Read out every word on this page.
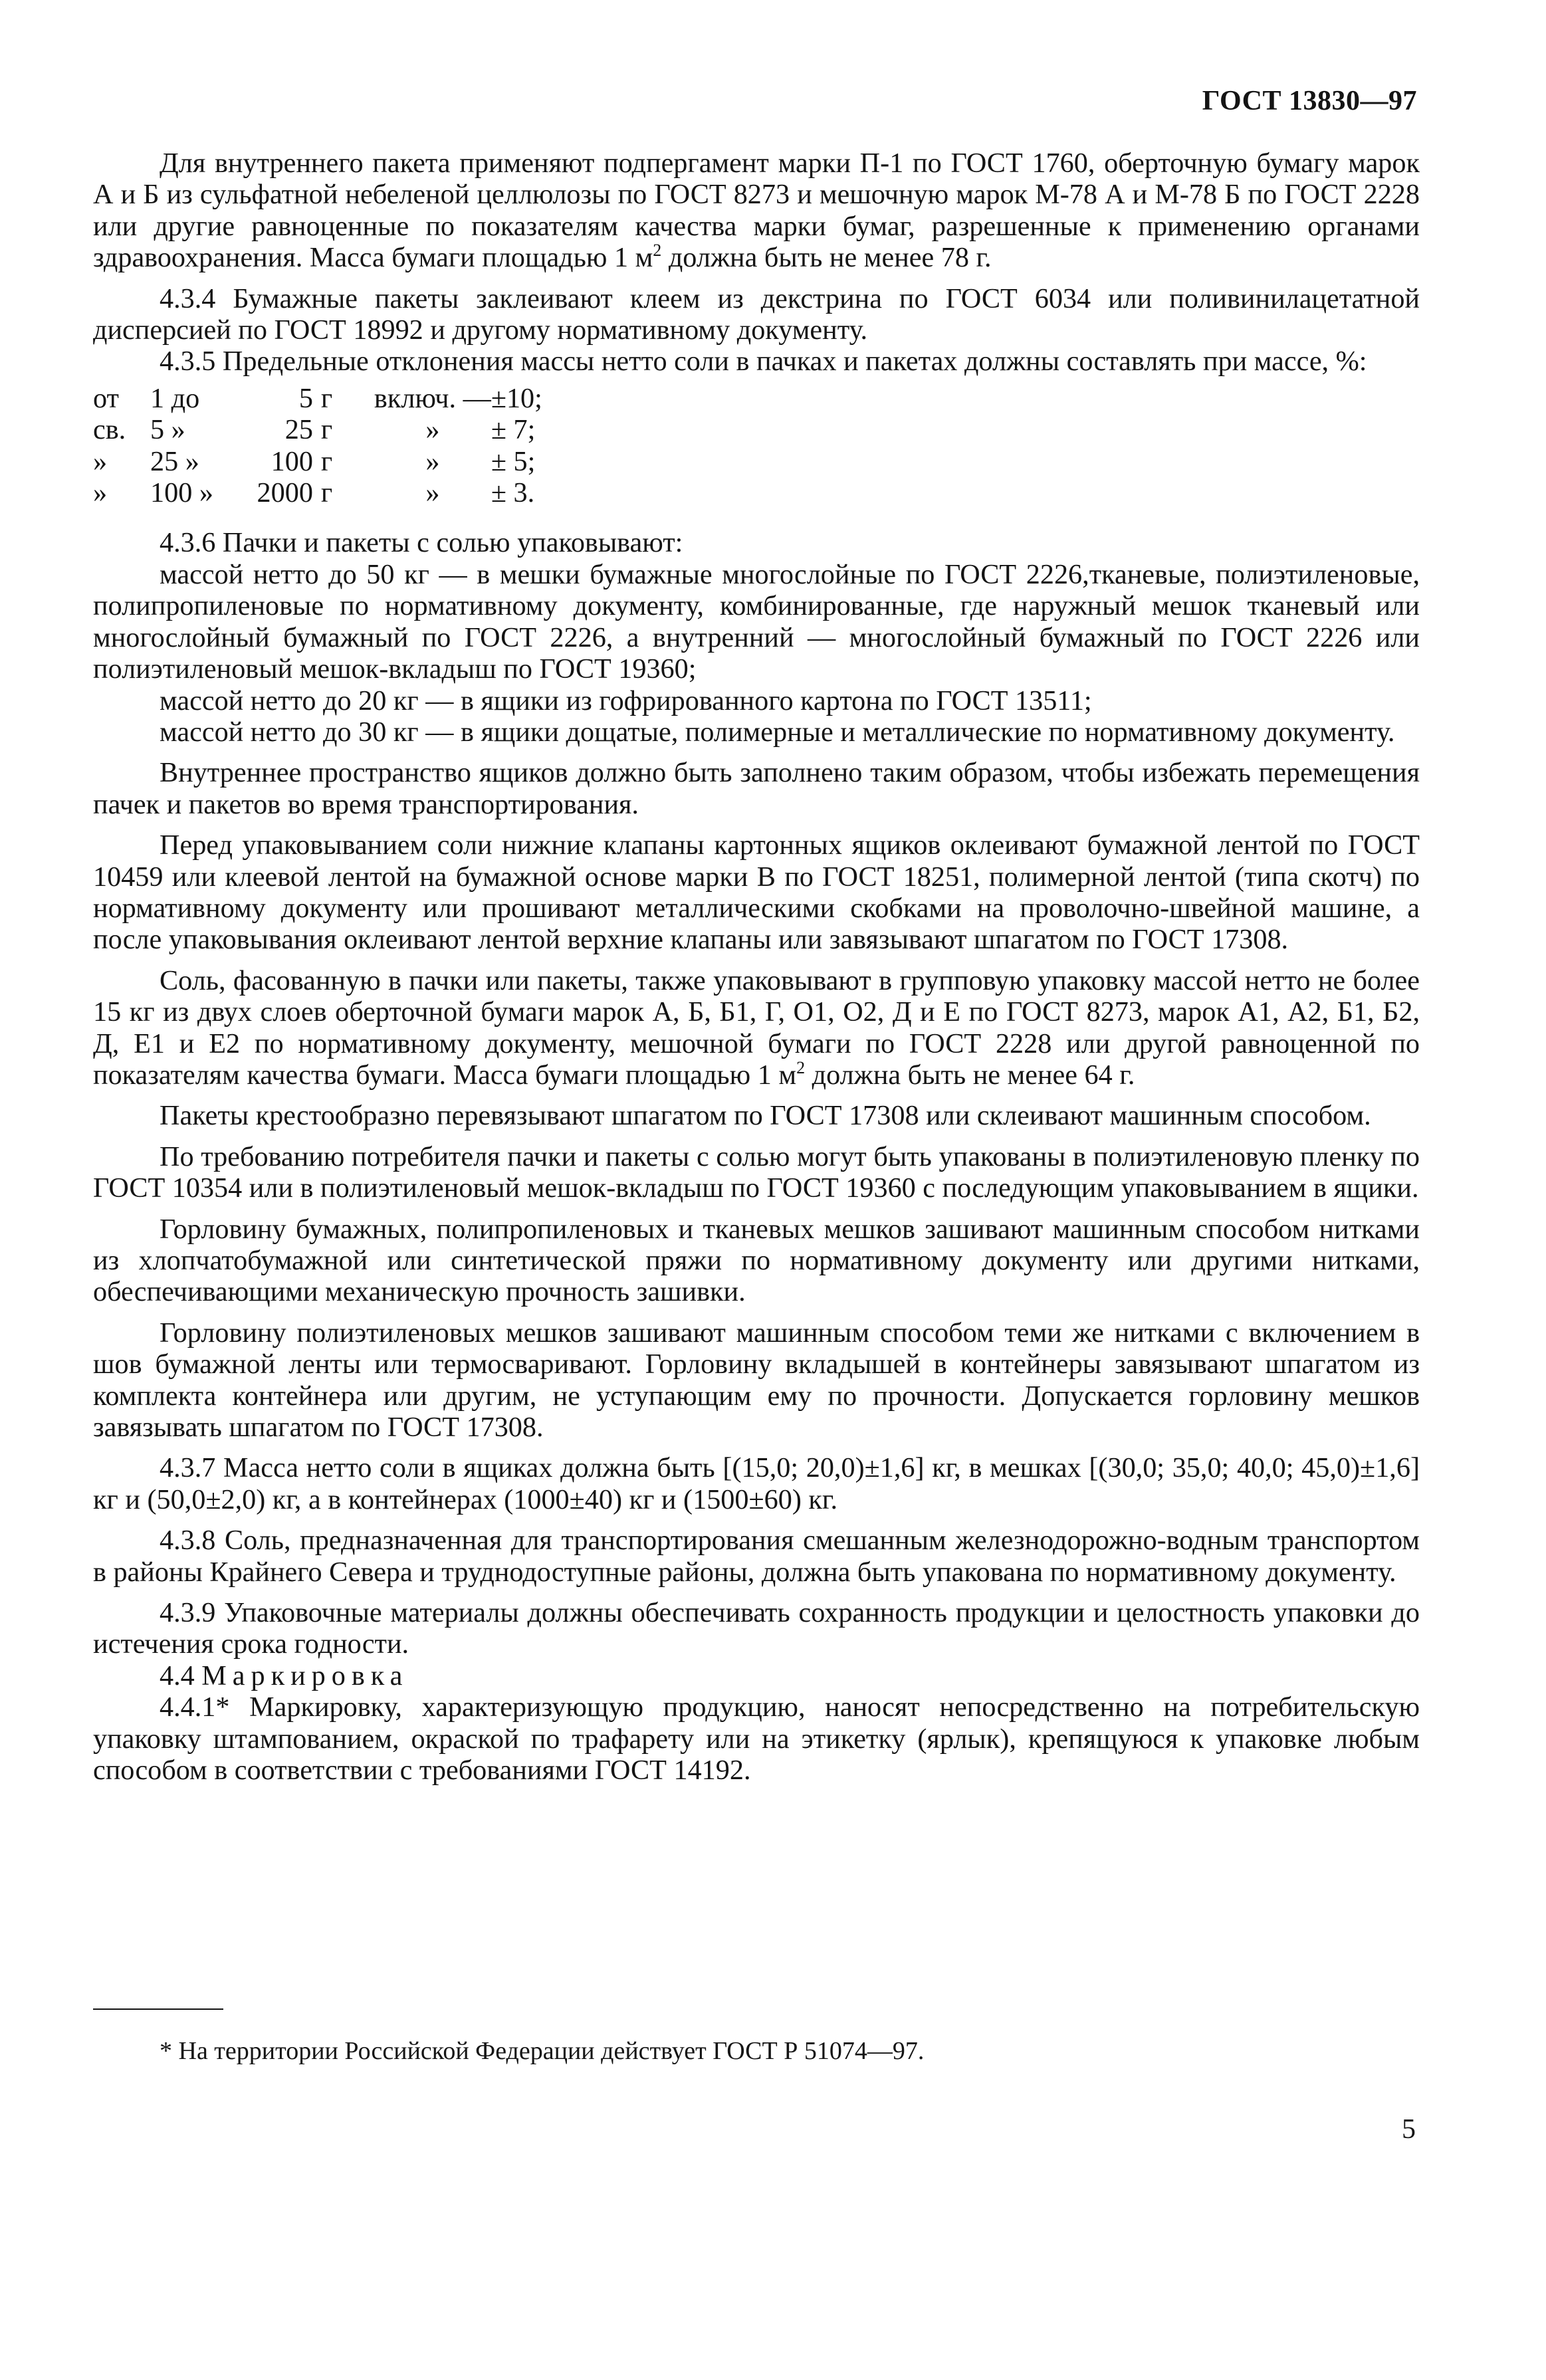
ГОСТ 13830—97

Для внутреннего пакета применяют подпергамент марки П-1 по ГОСТ 1760, оберточную бумагу марок А и Б из сульфатной небеленой целлюлозы по ГОСТ 8273 и мешочную марок М-78 А и М-78 Б по ГОСТ 2228 или другие равноценные по показателям качества марки бумаг, разрешенные к применению органами здравоохранения. Масса бумаги площадью 1 $м^2$ должна быть не менее 78 г.

4.3.4 Бумажные пакеты заклеивают клеем из декстрина по ГОСТ 6034 или поливинилацетатной дисперсией по ГОСТ 18992 и другому нормативному документу.

4.3.5 Предельные отклонения массы нетто соли в пачках и пакетах должны составлять при массе, %:

от	1 до	5	г	включ. —	±10;
св.	5 »	25	г	»	± 7;
»	25 »	100	г	»	± 5;
»	100 »	2000	г	»	± 3.

4.3.6 Пачки и пакеты с солью упаковывают:

массой нетто до 50 кг — в мешки бумажные многослойные по ГОСТ 2226,тканевые, полиэтиленовые, полипропиленовые по нормативному документу, комбинированные, где наружный мешок тканевый или многослойный бумажный по ГОСТ 2226, а внутренний — многослойный бумажный по ГОСТ 2226 или полиэтиленовый мешок-вкладыш по ГОСТ 19360;

массой нетто до 20 кг — в ящики из гофрированного картона по ГОСТ 13511;

массой нетто до 30 кг — в ящики дощатые, полимерные и металлические по нормативному документу.

Внутреннее пространство ящиков должно быть заполнено таким образом, чтобы избежать перемещения пачек и пакетов во время транспортирования.

Перед упаковыванием соли нижние клапаны картонных ящиков оклеивают бумажной лентой по ГОСТ 10459 или клеевой лентой на бумажной основе марки В по ГОСТ 18251, полимерной лентой (типа скотч) по нормативному документу или прошивают металлическими скобками на проволочно-швейной машине, а после упаковывания оклеивают лентой верхние клапаны или завязывают шпагатом по ГОСТ 17308.

Соль, фасованную в пачки или пакеты, также упаковывают в групповую упаковку массой нетто не более 15 кг из двух слоев оберточной бумаги марок А, Б, Б1, Г, О1, О2, Д и Е по ГОСТ 8273, марок А1, А2, Б1, Б2, Д, Е1 и Е2 по нормативному документу, мешочной бумаги по ГОСТ 2228 или другой равноценной по показателям качества бумаги. Масса бумаги площадью 1 $м^2$ должна быть не менее 64 г.

Пакеты крестообразно перевязывают шпагатом по ГОСТ 17308 или склеивают машинным способом.

По требованию потребителя пачки и пакеты с солью могут быть упакованы в полиэтиленовую пленку по ГОСТ 10354 или в полиэтиленовый мешок-вкладыш по ГОСТ 19360 с последующим упаковыванием в ящики.

Горловину бумажных, полипропиленовых и тканевых мешков зашивают машинным способом нитками из хлопчатобумажной или синтетической пряжи по нормативному документу или другими нитками, обеспечивающими механическую прочность зашивки.

Горловину полиэтиленовых мешков зашивают машинным способом теми же нитками с включением в шов бумажной ленты или термосваривают. Горловину вкладышей в контейнеры завязывают шпагатом из комплекта контейнера или другим, не уступающим ему по прочности. Допускается горловину мешков завязывать шпагатом по ГОСТ 17308.

4.3.7 Масса нетто соли в ящиках должна быть [(15,0; 20,0)±1,6] кг, в мешках [(30,0; 35,0; 40,0; 45,0)±1,6] кг и (50,0±2,0) кг, а в контейнерах (1000±40) кг и (1500±60) кг.

4.3.8 Соль, предназначенная для транспортирования смешанным железнодорожно-водным транспортом в районы Крайнего Севера и труднодоступные районы, должна быть упакована по нормативному документу.

4.3.9 Упаковочные материалы должны обеспечивать сохранность продукции и целостность упаковки до истечения срока годности.

4.4 Маркировка

4.4.1* Маркировку, характеризующую продукцию, наносят непосредственно на потребительскую упаковку штампованием, окраской по трафарету или на этикетку (ярлык), крепящуюся к упаковке любым способом в соответствии с требованиями ГОСТ 14192.

* На территории Российской Федерации действует ГОСТ Р 51074—97.
5
